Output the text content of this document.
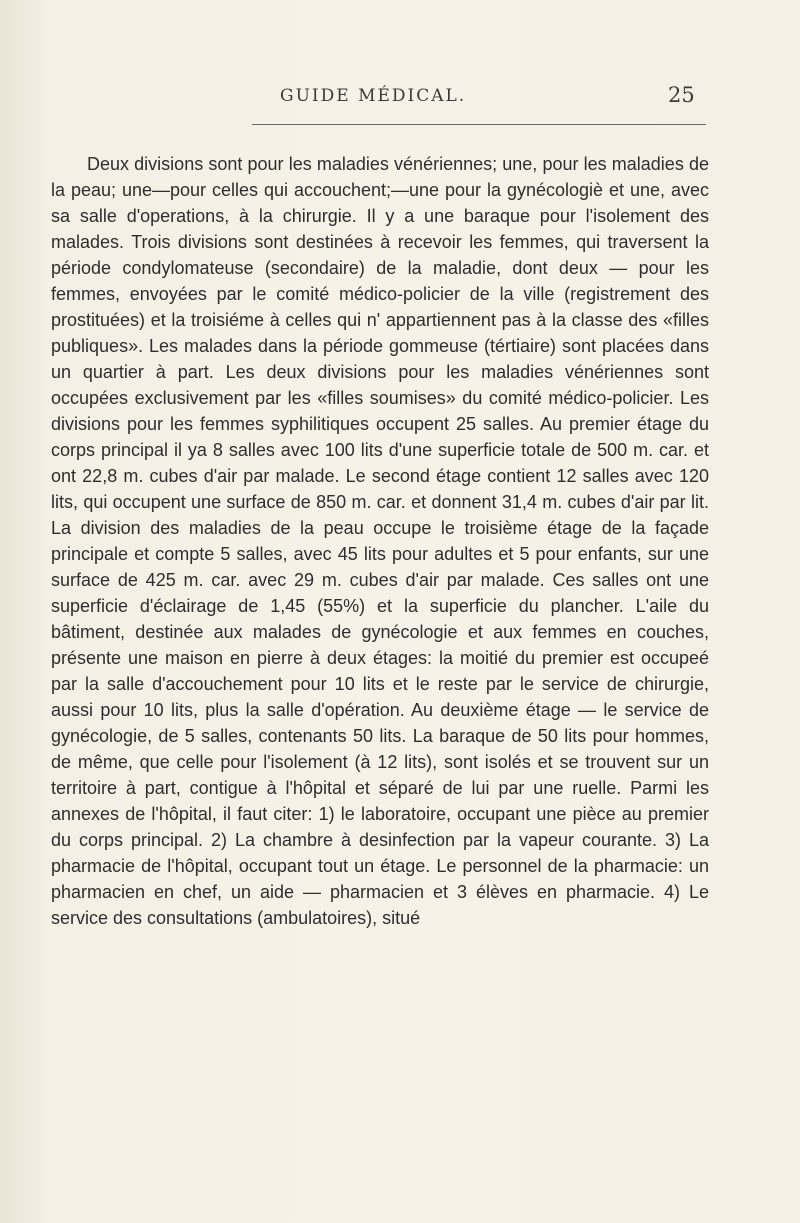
GUIDE MÉDICAL.	25

Deux divisions sont pour les maladies vénériennes; une, pour les maladies de la peau; une—pour celles qui accouchent;—une pour la gynécologiè et une, avec sa salle d'operations, à la chirurgie. Il y a une baraque pour l'isolement des malades. Trois divisions sont destinées à recevoir les femmes, qui traversent la période condylomateuse (secondaire) de la maladie, dont deux — pour les femmes, envoyées par le comité médico-policier de la ville (registrement des prostituées) et la troisiéme à celles qui n' appartiennent pas à la classe des «filles publiques». Les malades dans la période gommeuse (tértiaire) sont placées dans un quartier à part. Les deux divisions pour les maladies vénériennes sont occupées exclusivement par les «filles soumises» du comité médico-policier. Les divisions pour les femmes syphilitiques occupent 25 salles. Au premier étage du corps principal il ya 8 salles avec 100 lits d'une superficie totale de 500 m. car. et ont 22,8 m. cubes d'air par malade. Le second étage contient 12 salles avec 120 lits, qui occupent une surface de 850 m. car. et donnent 31,4 m. cubes d'air par lit. La division des maladies de la peau occupe le troisième étage de la façade principale et compte 5 salles, avec 45 lits pour adultes et 5 pour enfants, sur une surface de 425 m. car. avec 29 m. cubes d'air par malade. Ces salles ont une superficie d'éclairage de 1,45 (55%) et la superficie du plancher. L'aile du bâtiment, destinée aux malades de gynécologie et aux femmes en couches, présente une maison en pierre à deux étages: la moitié du premier est occupeé par la salle d'accouchement pour 10 lits et le reste par le service de chirurgie, aussi pour 10 lits, plus la salle d'opération. Au deuxième étage — le service de gynécologie, de 5 salles, contenants 50 lits. La baraque de 50 lits pour hommes, de même, que celle pour l'isolement (à 12 lits), sont isolés et se trouvent sur un territoire à part, contigue à l'hôpital et séparé de lui par une ruelle. Parmi les annexes de l'hôpital, il faut citer: 1) le laboratoire, occupant une pièce au premier du corps principal. 2) La chambre à desinfection par la vapeur courante. 3) La pharmacie de l'hôpital, occupant tout un étage. Le personnel de la pharmacie: un pharmacien en chef, un aide — pharmacien et 3 élèves en pharmacie. 4) Le service des consultations (ambulatoires), situé
